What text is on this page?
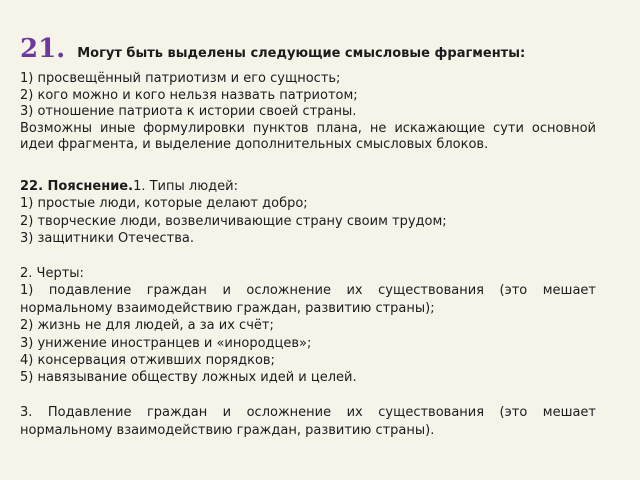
21. Могут быть выделены следующие смысловые фрагменты:
1) просвещённый патриотизм и его сущность;
2) кого можно и кого нельзя назвать патриотом;
3) отношение патриота к истории своей страны.
Возможны иные формулировки пунктов плана, не искажающие сути основной идеи фрагмента, и выделение дополнительных смысловых блоков.
22. Пояснение.1. Типы людей:
1) простые люди, которые делают добро;
2) творческие люди, возвеличивающие страну своим трудом;
3) защитники Отечества.
2. Черты:
1) подавление граждан и осложнение их существования (это мешает нормальному взаимодействию граждан, развитию страны);
2) жизнь не для людей, а за их счёт;
3) унижение иностранцев и «инородцев»;
4) консервация отживших порядков;
5) навязывание обществу ложных идей и целей.
3. Подавление граждан и осложнение их существования (это мешает нормальному взаимодействию граждан, развитию страны).
